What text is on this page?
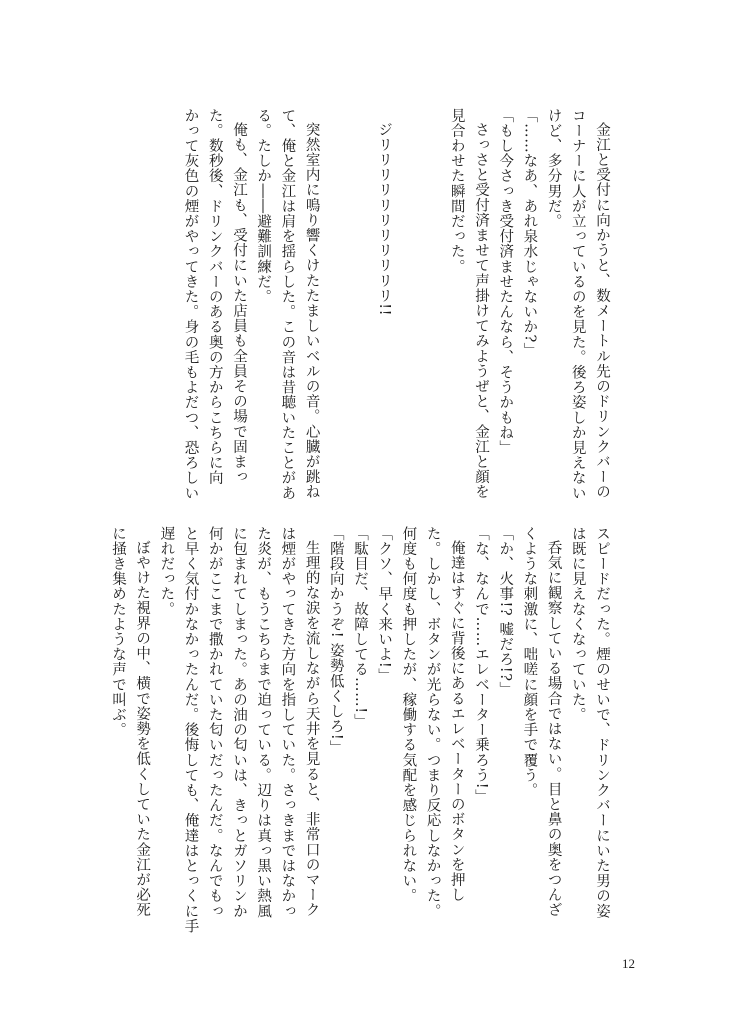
金江と受付に向かうと、数メートル先のドリンクバーの
コーナーに人が立っているのを見た。後ろ姿しか見えない
けど、多分男だ。
「……なあ、あれ泉水じゃないか?」
「もし今さっき受付済ませたんなら、そうかもね」
さっさと受付済ませて声掛けてみようぜと、金江と顔を
見合わせた瞬間だった。
ジリリリリリリリリリリリ!!
突然室内に鳴り響くけたたましいベルの音。心臓が跳ね
て、俺と金江は肩を揺らした。この音は昔聴いたことがあ
る。たしか――避難訓練だ。
俺も、金江も、受付にいた店員も全員その場で固まっ
た。数秒後、ドリンクバーのある奥の方からこちらに向
かって灰色の煙がやってきた。身の毛もよだつ、恐ろしい
スピードだった。煙のせいで、ドリンクバーにいた男の姿
は既に見えなくなっていた。
呑気に観察している場合ではない。目と鼻の奥をつんざ
くような刺激に、咄嗟に顔を手で覆う。
「か、火事!? 嘘だろ!?」
「な、なんで……エレベーター乗ろう!」
俺達はすぐに背後にあるエレベーターのボタンを押し
た。しかし、ボタンが光らない。つまり反応しなかった。
何度も何度も押したが、稼働する気配を感じられない。
「クソ、早く来いよ!」
「駄目だ、故障してる……!」
「階段向かうぞ! 姿勢低くしろ!」
生理的な涙を流しながら天井を見ると、非常口のマーク
は煙がやってきた方向を指していた。さっきまではなかっ
た炎が、もうこちらまで迫っている。辺りは真っ黒い熱風
に包まれてしまった。あの油の匂いは、きっとガソリンか
何かがここまで撒かれていた匂いだったんだ。なんでもっ
と早く気付かなかったんだ。後悔しても、俺達はとっくに手
遅れだった。
ぼやけた視界の中、横で姿勢を低くしていた金江が必死
に掻き集めたような声で叫ぶ。
12
